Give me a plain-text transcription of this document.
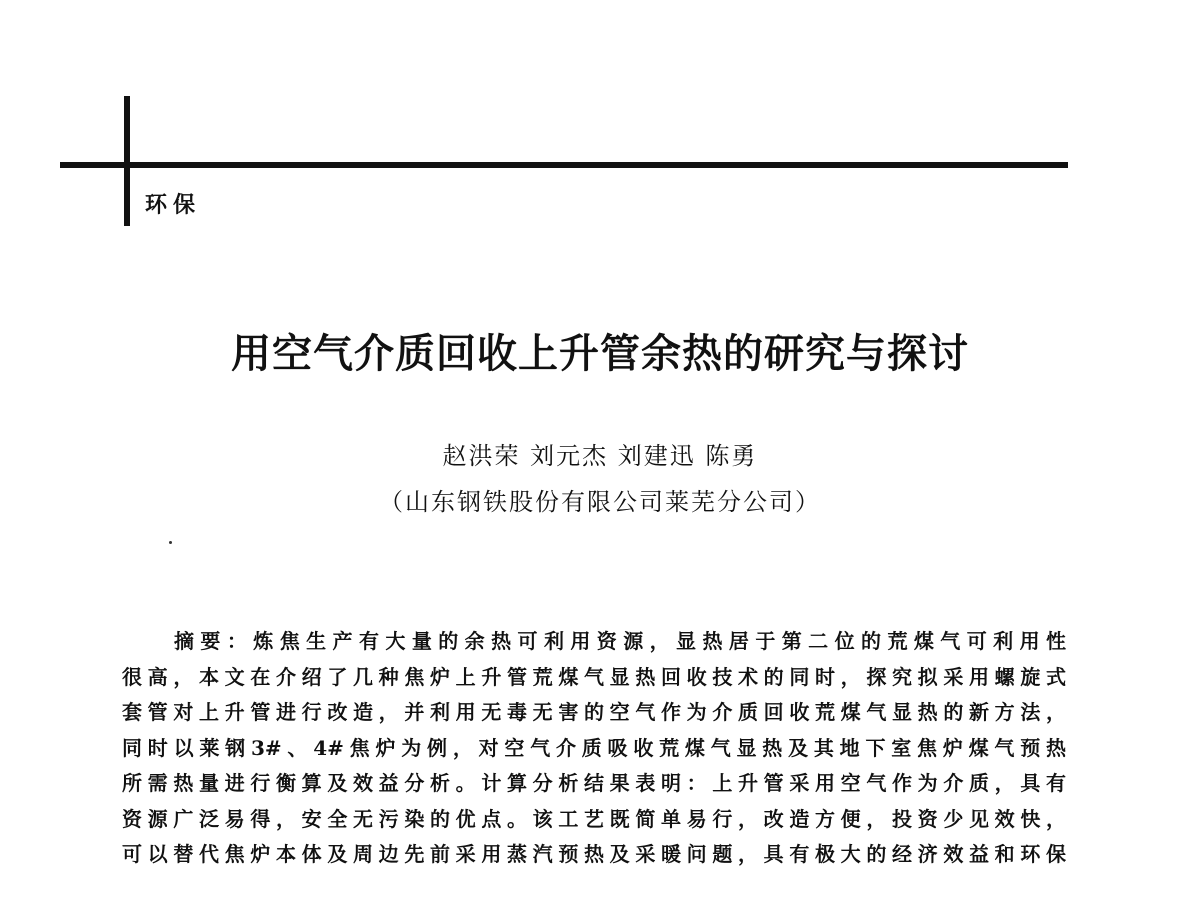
环保
用空气介质回收上升管余热的研究与探讨
赵洪荣 刘元杰 刘建迅 陈勇
（山东钢铁股份有限公司莱芜分公司）
摘要：炼焦生产有大量的余热可利用资源，显热居于第二位的荒煤气可利用性
很高，本文在介绍了几种焦炉上升管荒煤气显热回收技术的同时，探究拟采用螺旋式
套管对上升管进行改造，并利用无毒无害的空气作为介质回收荒煤气显热的新方法，
同时以莱钢3#、4#焦炉为例，对空气介质吸收荒煤气显热及其地下室焦炉煤气预热
所需热量进行衡算及效益分析。计算分析结果表明：上升管采用空气作为介质，具有
资源广泛易得，安全无污染的优点。该工艺既简单易行，改造方便，投资少见效快，
可以替代焦炉本体及周边先前采用蒸汽预热及采暖问题，具有极大的经济效益和环保
